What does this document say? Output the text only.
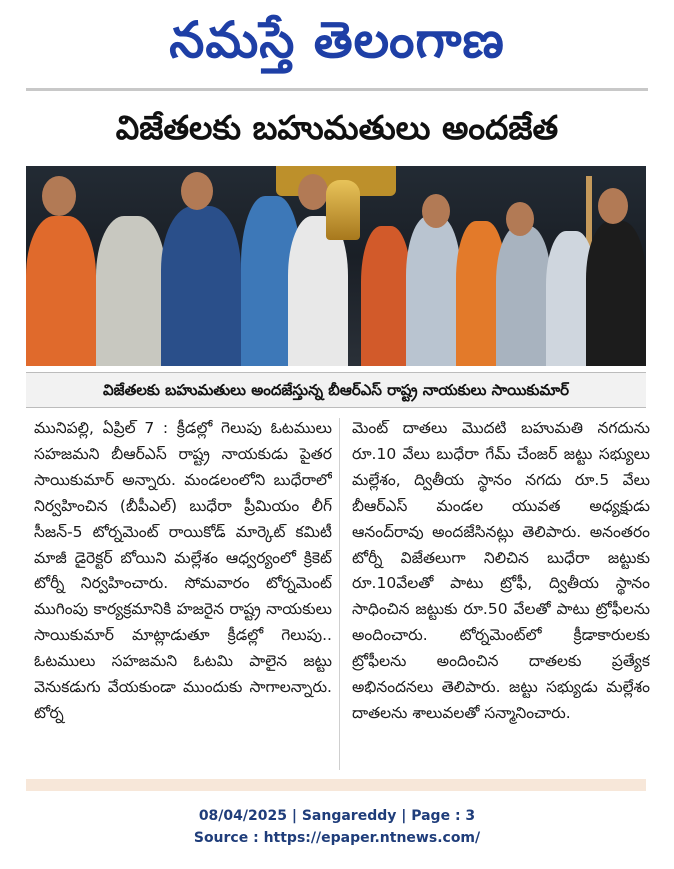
నమస్తే తెలంగాణ
విజేతలకు బహుమతులు అందజేత
విజేతలకు బహుమతులు అందజేస్తున్న బీఆర్‌ఎస్ రాష్ట్ర నాయకులు సాయికుమార్

మునిపల్లి, ఏప్రిల్ 7 : క్రీడల్లో గెలుపు ఓటములు సహజమని బీఆర్‌ఎస్ రాష్ట్ర నాయకుడు పైతర సాయికుమార్ అన్నారు. మండలంలోని బుధేరాలో నిర్వహించిన (బీపీఎల్) బుధేరా ప్రీమియం లీగ్ సీజన్-5 టోర్నమెంట్ రాయికోడ్ మార్కెట్ కమిటీ మాజీ డైరెక్టర్ బోయిని మల్లేశం ఆధ్వర్యంలో క్రికెట్ టోర్నీ నిర్వహించారు. సోమవారం టోర్నమెంట్ ముగింపు కార్యక్రమానికి హజరైన రాష్ట్ర నాయకులు సాయికుమార్ మాట్లాడుతూ క్రీడల్లో గెలుపు.. ఓటములు సహజమని ఓటమి పాలైన జట్టు వెనుకడుగు వేయకుండా ముందుకు సాగాలన్నారు. టోర్న

మెంట్ దాతలు మొదటి బహుమతి నగదును రూ.10 వేలు బుధేరా గేమ్ చేంజర్ జట్టు సభ్యులు మల్లేశం, ద్వితీయ స్థానం నగదు రూ.5 వేలు బీఆర్‌ఎస్ మండల యువత అధ్యక్షుడు ఆనంద్‌రావు అందజేసినట్లు తెలిపారు. అనంతరం టోర్నీ విజేతలుగా నిలిచిన బుధేరా జట్టుకు రూ.10వేలతో పాటు ట్రోఫీ, ద్వితీయ స్థానం సాధించిన జట్టుకు రూ.50 వేలతో పాటు ట్రోఫీలను అందించారు. టోర్నమెంట్‌లో క్రీడాకారులకు ట్రోఫీలను అందించిన దాతలకు ప్రత్యేక అభినందనలు తెలిపారు. జట్టు సభ్యుడు మల్లేశం దాతలను శాలువలతో సన్మానించారు.

08/04/2025 | Sangareddy | Page : 3
Source : https://epaper.ntnews.com/
